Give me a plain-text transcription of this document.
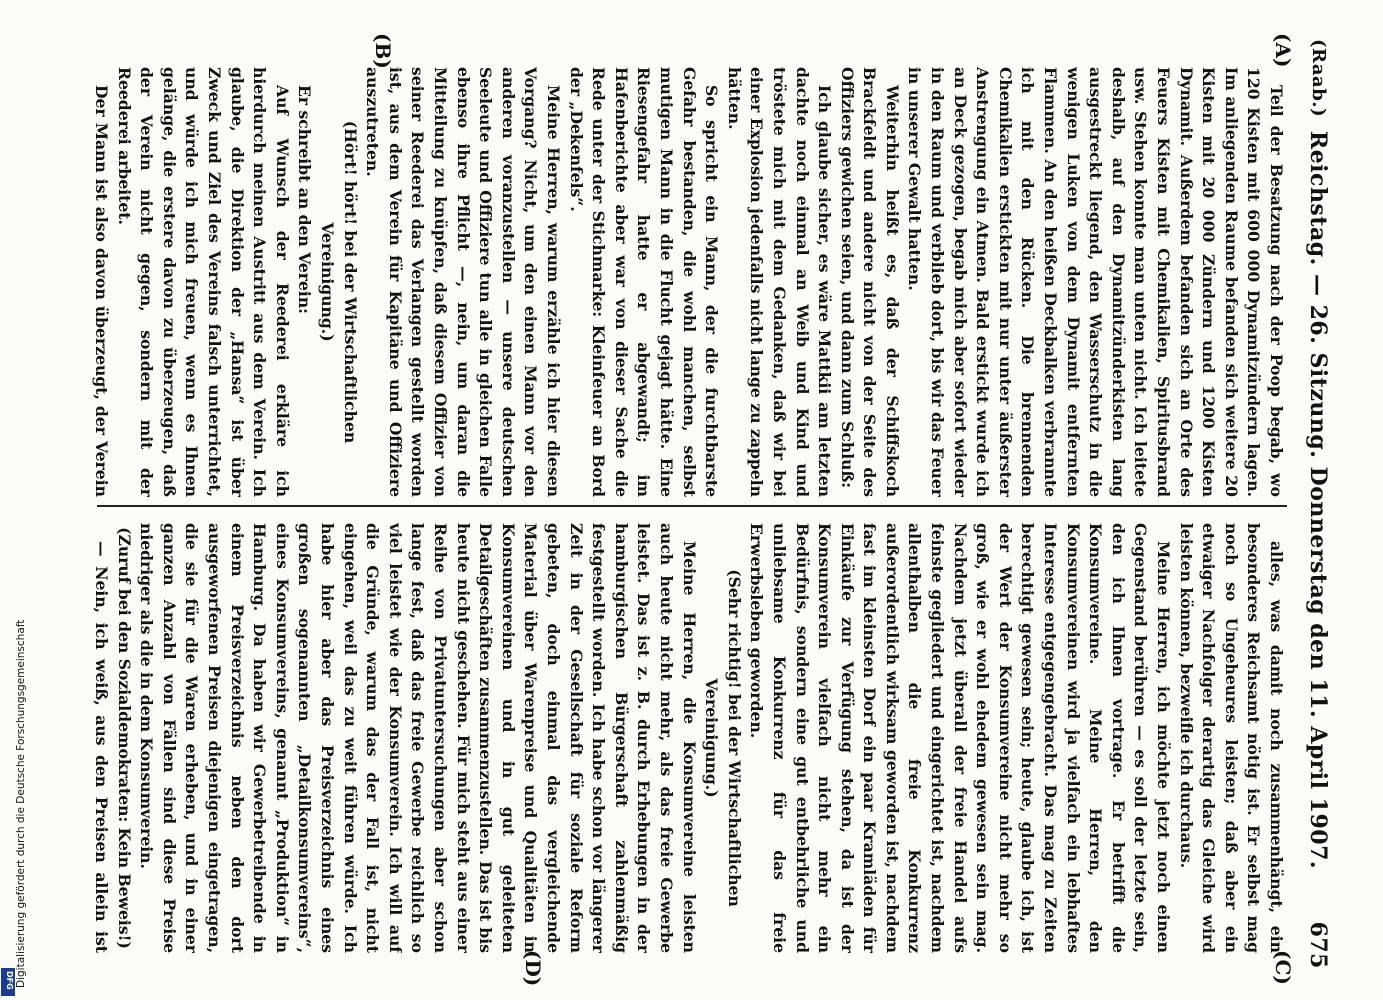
Digitalisierung gefördert durch die Deutsche Forschungsgemeinschaft
DFG
(Raab.)
Reichstag. — 26. Sitzung. Donnerstag den 11. April 1907.
675
(A)
(B)
(C)
(D)

Teil der Besatzung nach der Poop begab, wo 120 Kisten mit 600 000 Dynamitzündern lagen. Im anliegenden Raume befanden sich weitere 20 Kisten mit 20 000 Zündern und 1200 Kisten Dynamit. Außerdem befanden sich an Orte des Feuers Kisten mit Chemikalien, Spiritusbrand usw. Stehen konnte man unten nicht. Ich leitete deshalb, auf den Dynamitzünderkisten lang ausgestreckt liegend, den Wasserschutz in die wenigen Luken von dem Dynamit entfernten Flammen. An den heißen Deckbalken verbrannte ich mit den Rücken. Die brennenden Chemikalien erstickten mit nur unter äußerster Anstrengung ein Atmen. Bald erstickt wurde ich an Deck gezogen, begab mich aber sofort wieder in den Raum und verblieb dort, bis wir das Feuer in unserer Gewalt hatten.

Weiterhin heißt es, daß der Schiffskoch Brackfeldt und andere nicht von der Seite des Offiziers gewichen seien, und dann zum Schluß:

Ich glaube sicher, es wäre Mattkii am letzten dachte noch einmal an Weib und Kind und tröstete mich mit dem Gedanken, daß wir bei einer Explosion jedenfalls nicht lange zu zappeln hätten.

So spricht ein Mann, der die furchtbarste Gefahr bestanden, die wohl manchen, selbst mutigen Mann in die Flucht gejagt hätte. Eine Riesengefahr hatte er abgewandt; im Hafenberichte aber war von dieser Sache die Rede unter der Stichmarke: Kleinfeuer an Bord der „Dekenfels“.

Meine Herren, warum erzähle ich hier diesen Vorgang? Nicht, um den einen Mann vor den anderen voranzustellen — unsere deutschen Seeleute und Offiziere tun alle in gleichen Falle ebenso ihre Pflicht —, nein, um daran die Mitteilung zu knüpfen, daß diesem Offizier von seiner Reederei das Verlangen gestellt worden ist, aus dem Verein für Kapitäne und Offiziere auszutreten.

(Hört! hört! bei der Wirtschaftlichen Vereinigung.)

Er schreibt an den Verein:

Auf Wunsch der Reederei erkläre ich hierdurch meinen Austritt aus dem Verein. Ich glaube, die Direktion der „Hansa“ ist über Zweck und Ziel des Vereins falsch unterrichtet, und würde ich mich freuen, wenn es Ihnen gelänge, die erstere davon zu überzeugen, daß der Verein nicht gegen, sondern mit der Reederei arbeitet.

Der Mann ist also davon überzeugt, der Verein

alles, was damit noch zusammenhängt, ein besonderes Reichsamt nötig ist. Er selbst mag noch so Ungeheures leisten; daß aber ein etwaiger Nachfolger derartig das Gleiche wird leisten können, bezweifle ich durchaus.

Meine Herren, ich möchte jetzt noch einen Gegenstand berühren — es soll der letzte sein, den ich Ihnen vortrage. Er betrifft die Konsumvereine. Meine Herren, den Konsumvereinen wird ja vielfach ein lebhaftes Interesse entgegengebracht. Das mag zu Zeiten berechtigt gewesen sein; heute, glaube ich, ist der Wert der Konsumvereine nicht mehr so groß, wie er wohl ehedem gewesen sein mag. Nachdem jetzt überall der freie Handel aufs feinste gegliedert und eingerichtet ist, nachdem allenthalben die freie Konkurrenz außerordentlich wirksam geworden ist, nachdem fast im kleinsten Dorf ein paar Kramläden für Einkäufe zur Verfügung stehen, da ist der Konsumverein vielfach nicht mehr ein Bedürfnis, sondern eine gut entbehrliche und unliebsame Konkurrenz für das freie Erwerbsleben geworden.

(Sehr richtig! bei der Wirtschaftlichen Vereinigung.)

Meine Herren, die Konsumvereine leisten auch heute nicht mehr, als das freie Gewerbe leistet. Das ist z. B. durch Erhebungen in der hamburgischen Bürgerschaft zahlenmäßig festgestellt worden. Ich habe schon vor längerer Zeit in der Gesellschaft für soziale Reform gebeten, doch einmal das vergleichende Material über Warenpreise und Qualitäten in Konsumvereinen und in gut geleiteten Detailgeschäften zusammenzustellen. Das ist bis heute nicht geschehen. Für mich steht aus einer Reihe von Privatuntersuchungen aber schon lange fest, daß das freie Gewerbe reichlich so viel leistet wie der Konsumverein. Ich will auf die Gründe, warum das der Fall ist, nicht eingehen, weil das zu weit führen würde. Ich habe hier aber das Preisverzeichnis eines großen sogenannten „Detailkonsumvereins“, eines Konsumvereins, genannt „Produktion“ in Hamburg. Da haben wir Gewerbetreibende in einem Preisverzeichnis neben den dort ausgeworfenen Preisen diejenigen eingetragen, die sie für die Waren erheben, und in einer ganzen Anzahl von Fällen sind diese Preise niedriger als die in dem Konsumverein.

(Zuruf bei den Sozialdemokraten: Kein Beweis!)

— Nein, ich weiß, aus den Preisen allein ist
